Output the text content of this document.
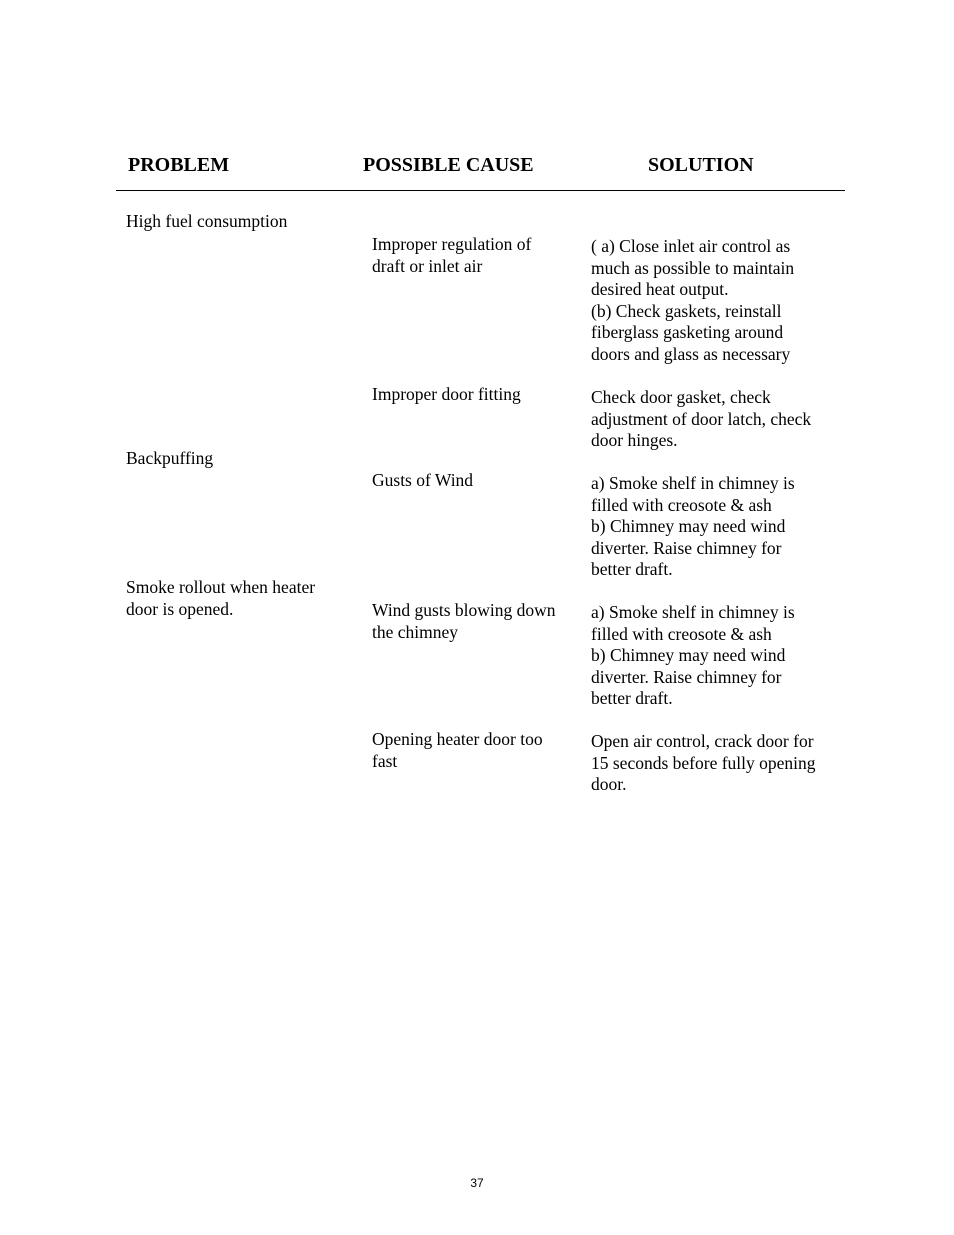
PROBLEM	POSSIBLE CAUSE	SOLUTION
High fuel consumption
Backpuffing
Smoke rollout when heater
door is opened.
Improper regulation of
draft or inlet air
Improper door fitting
Gusts of Wind
Wind gusts blowing down
the chimney
Opening heater door too
fast
( a) Close inlet air control as
much as possible to maintain
desired heat output.
(b) Check gaskets, reinstall
fiberglass gasketing around
doors and glass as necessary
Check door gasket, check
adjustment of door latch, check
door hinges.
a) Smoke shelf in chimney is
filled with creosote & ash
b) Chimney may need wind
diverter. Raise chimney for
better draft.
a) Smoke shelf in chimney is
filled with creosote & ash
b) Chimney may need wind
diverter. Raise chimney for
better draft.
Open air control, crack door for
15 seconds before fully opening
door.
37
